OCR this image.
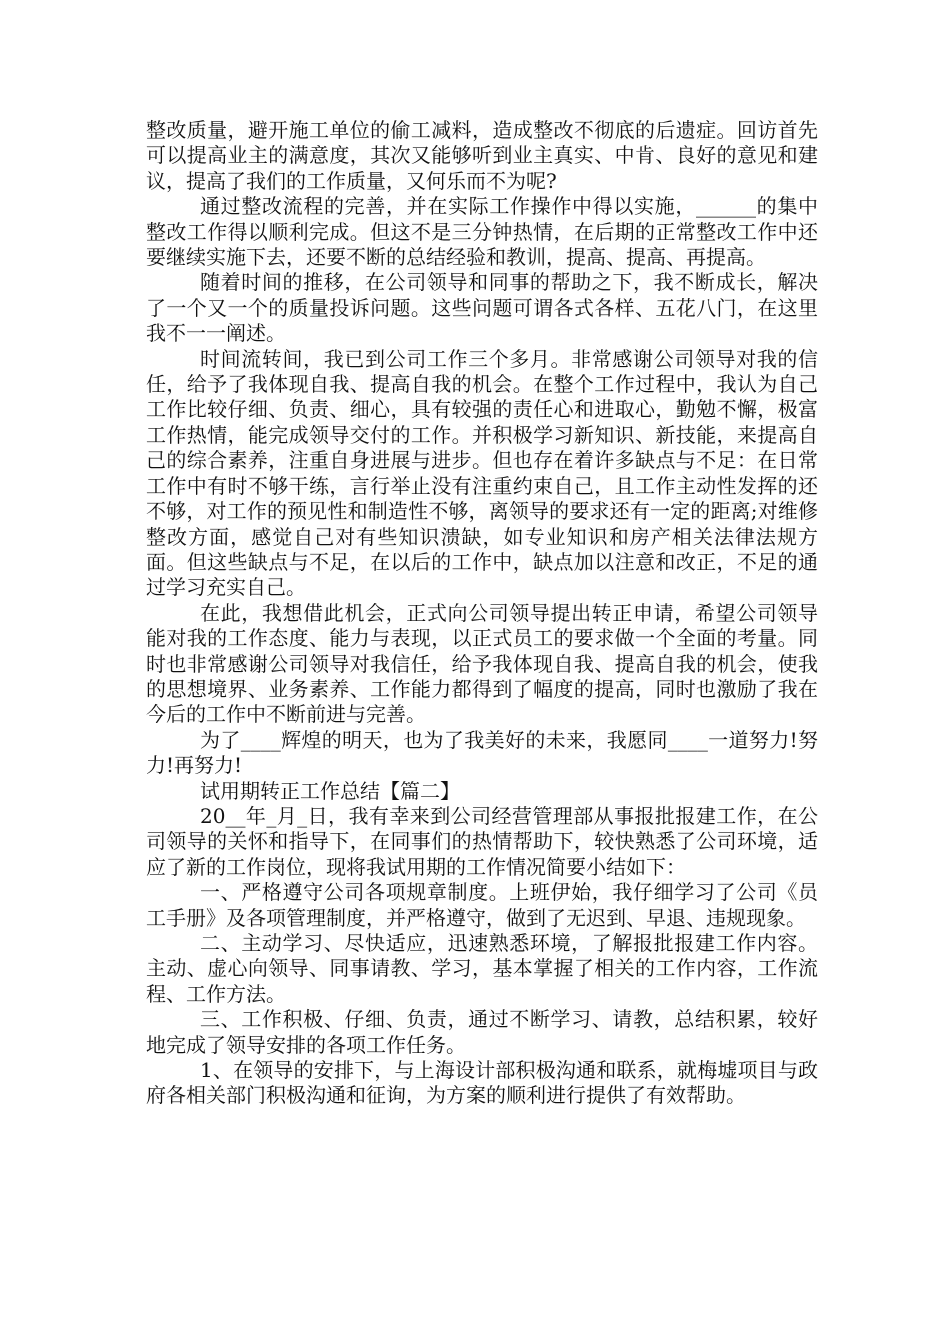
整改质量，避开施工单位的偷工减料，造成整改不彻底的后遗症。回访首先可以提高业主的满意度，其次又能够听到业主真实、中肯、良好的意见和建议，提高了我们的工作质量，又何乐而不为呢?

通过整改流程的完善，并在实际工作操作中得以实施，______的集中整改工作得以顺利完成。但这不是三分钟热情，在后期的正常整改工作中还要继续实施下去，还要不断的总结经验和教训，提高、提高、再提高。

随着时间的推移，在公司领导和同事的帮助之下，我不断成长，解决了一个又一个的质量投诉问题。这些问题可谓各式各样、五花八门，在这里我不一一阐述。

时间流转间，我已到公司工作三个多月。非常感谢公司领导对我的信任，给予了我体现自我、提高自我的机会。在整个工作过程中，我认为自己工作比较仔细、负责、细心，具有较强的责任心和进取心，勤勉不懈，极富工作热情，能完成领导交付的工作。并积极学习新知识、新技能，来提高自己的综合素养，注重自身进展与进步。但也存在着许多缺点与不足：在日常工作中有时不够干练，言行举止没有注重约束自己，且工作主动性发挥的还不够，对工作的预见性和制造性不够，离领导的要求还有一定的距离;对维修整改方面，感觉自己对有些知识溃缺，如专业知识和房产相关法律法规方面。但这些缺点与不足，在以后的工作中，缺点加以注意和改正，不足的通过学习充实自己。

在此，我想借此机会，正式向公司领导提出转正申请，希望公司领导能对我的工作态度、能力与表现，以正式员工的要求做一个全面的考量。同时也非常感谢公司领导对我信任，给予我体现自我、提高自我的机会，使我的思想境界、业务素养、工作能力都得到了幅度的提高，同时也激励了我在今后的工作中不断前进与完善。

为了____辉煌的明天，也为了我美好的未来，我愿同____一道努力!努力!再努力!

试用期转正工作总结【篇二】

20__年_月_日，我有幸来到公司经营管理部从事报批报建工作，在公司领导的关怀和指导下，在同事们的热情帮助下，较快熟悉了公司环境，适应了新的工作岗位，现将我试用期的工作情况简要小结如下：

一、严格遵守公司各项规章制度。上班伊始，我仔细学习了公司《员工手册》及各项管理制度，并严格遵守，做到了无迟到、早退、违规现象。

二、主动学习、尽快适应，迅速熟悉环境，了解报批报建工作内容。主动、虚心向领导、同事请教、学习，基本掌握了相关的工作内容，工作流程、工作方法。

三、工作积极、仔细、负责，通过不断学习、请教，总结积累，较好地完成了领导安排的各项工作任务。

1、在领导的安排下，与上海设计部积极沟通和联系，就梅墟项目与政府各相关部门积极沟通和征询，为方案的顺利进行提供了有效帮助。
